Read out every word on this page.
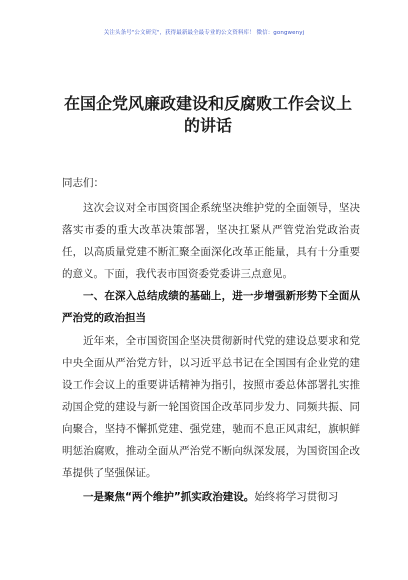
关注头条号"公文研究"，获得最新最全最专业的公文资料库！ 微信：gongwenyj
在国企党风廉政建设和反腐败工作会议上的讲话
同志们：
这次会议对全市国资国企系统坚决维护党的全面领导，坚决落实市委的重大改革决策部署，坚决扛紧从严管党治党政治责任，以高质量党建不断汇聚全面深化改革正能量，具有十分重要的意义。下面，我代表市国资委党委讲三点意见。
一、在深入总结成绩的基础上，进一步增强新形势下全面从严治党的政治担当
近年来，全市国资国企坚决贯彻新时代党的建设总要求和党中央全面从严治党方针，以习近平总书记在全国国有企业党的建设工作会议上的重要讲话精神为指引，按照市委总体部署扎实推动国企党的建设与新一轮国资国企改革同步发力、同频共振、同向聚合，坚持不懈抓党建、强党建，驰而不息正风肃纪，旗帜鲜明惩治腐败，推动全面从严治党不断向纵深发展，为国资国企改革提供了坚强保证。
一是聚焦“两个维护”抓实政治建设。始终将学习贯彻习
